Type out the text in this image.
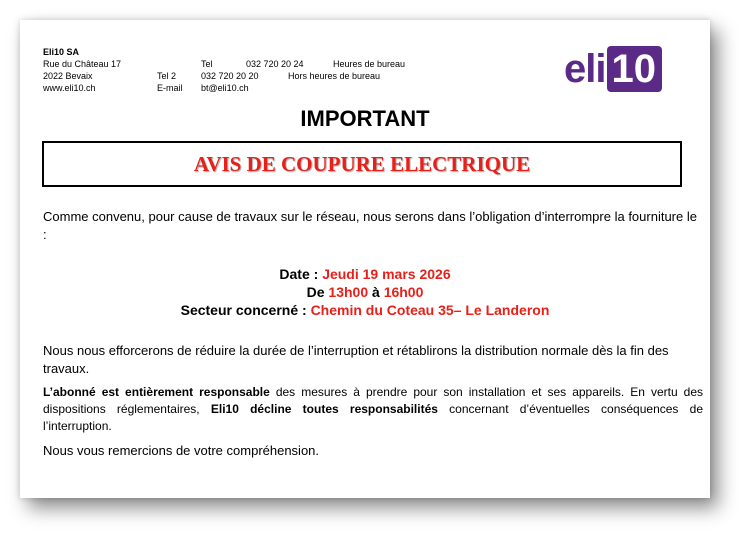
Eli10 SA
Rue du Château 17
2022 Bevaix
www.eli10.ch
Tel
Tel 2
E-mail
032 720 20 24
032 720 20 20
bt@eli10.ch
Heures de bureau
Hors heures de bureau	eli 10
IMPORTANT
AVIS DE COUPURE ELECTRIQUE
Comme convenu, pour cause de travaux sur le réseau, nous serons dans l’obligation d’interrompre la fourniture le :
Date : Jeudi 19 mars 2026
De 13h00 à 16h00
Secteur concerné : Chemin du Coteau 35– Le Landeron
Nous nous efforcerons de réduire la durée de l’interruption et rétablirons la distribution normale dès la fin des travaux.
L’abonné est entièrement responsable des mesures à prendre pour son installation et ses appareils. En vertu des dispositions réglementaires, Eli10 décline toutes responsabilités concernant d’éventuelles conséquences de l’interruption.
Nous vous remercions de votre compréhension.
